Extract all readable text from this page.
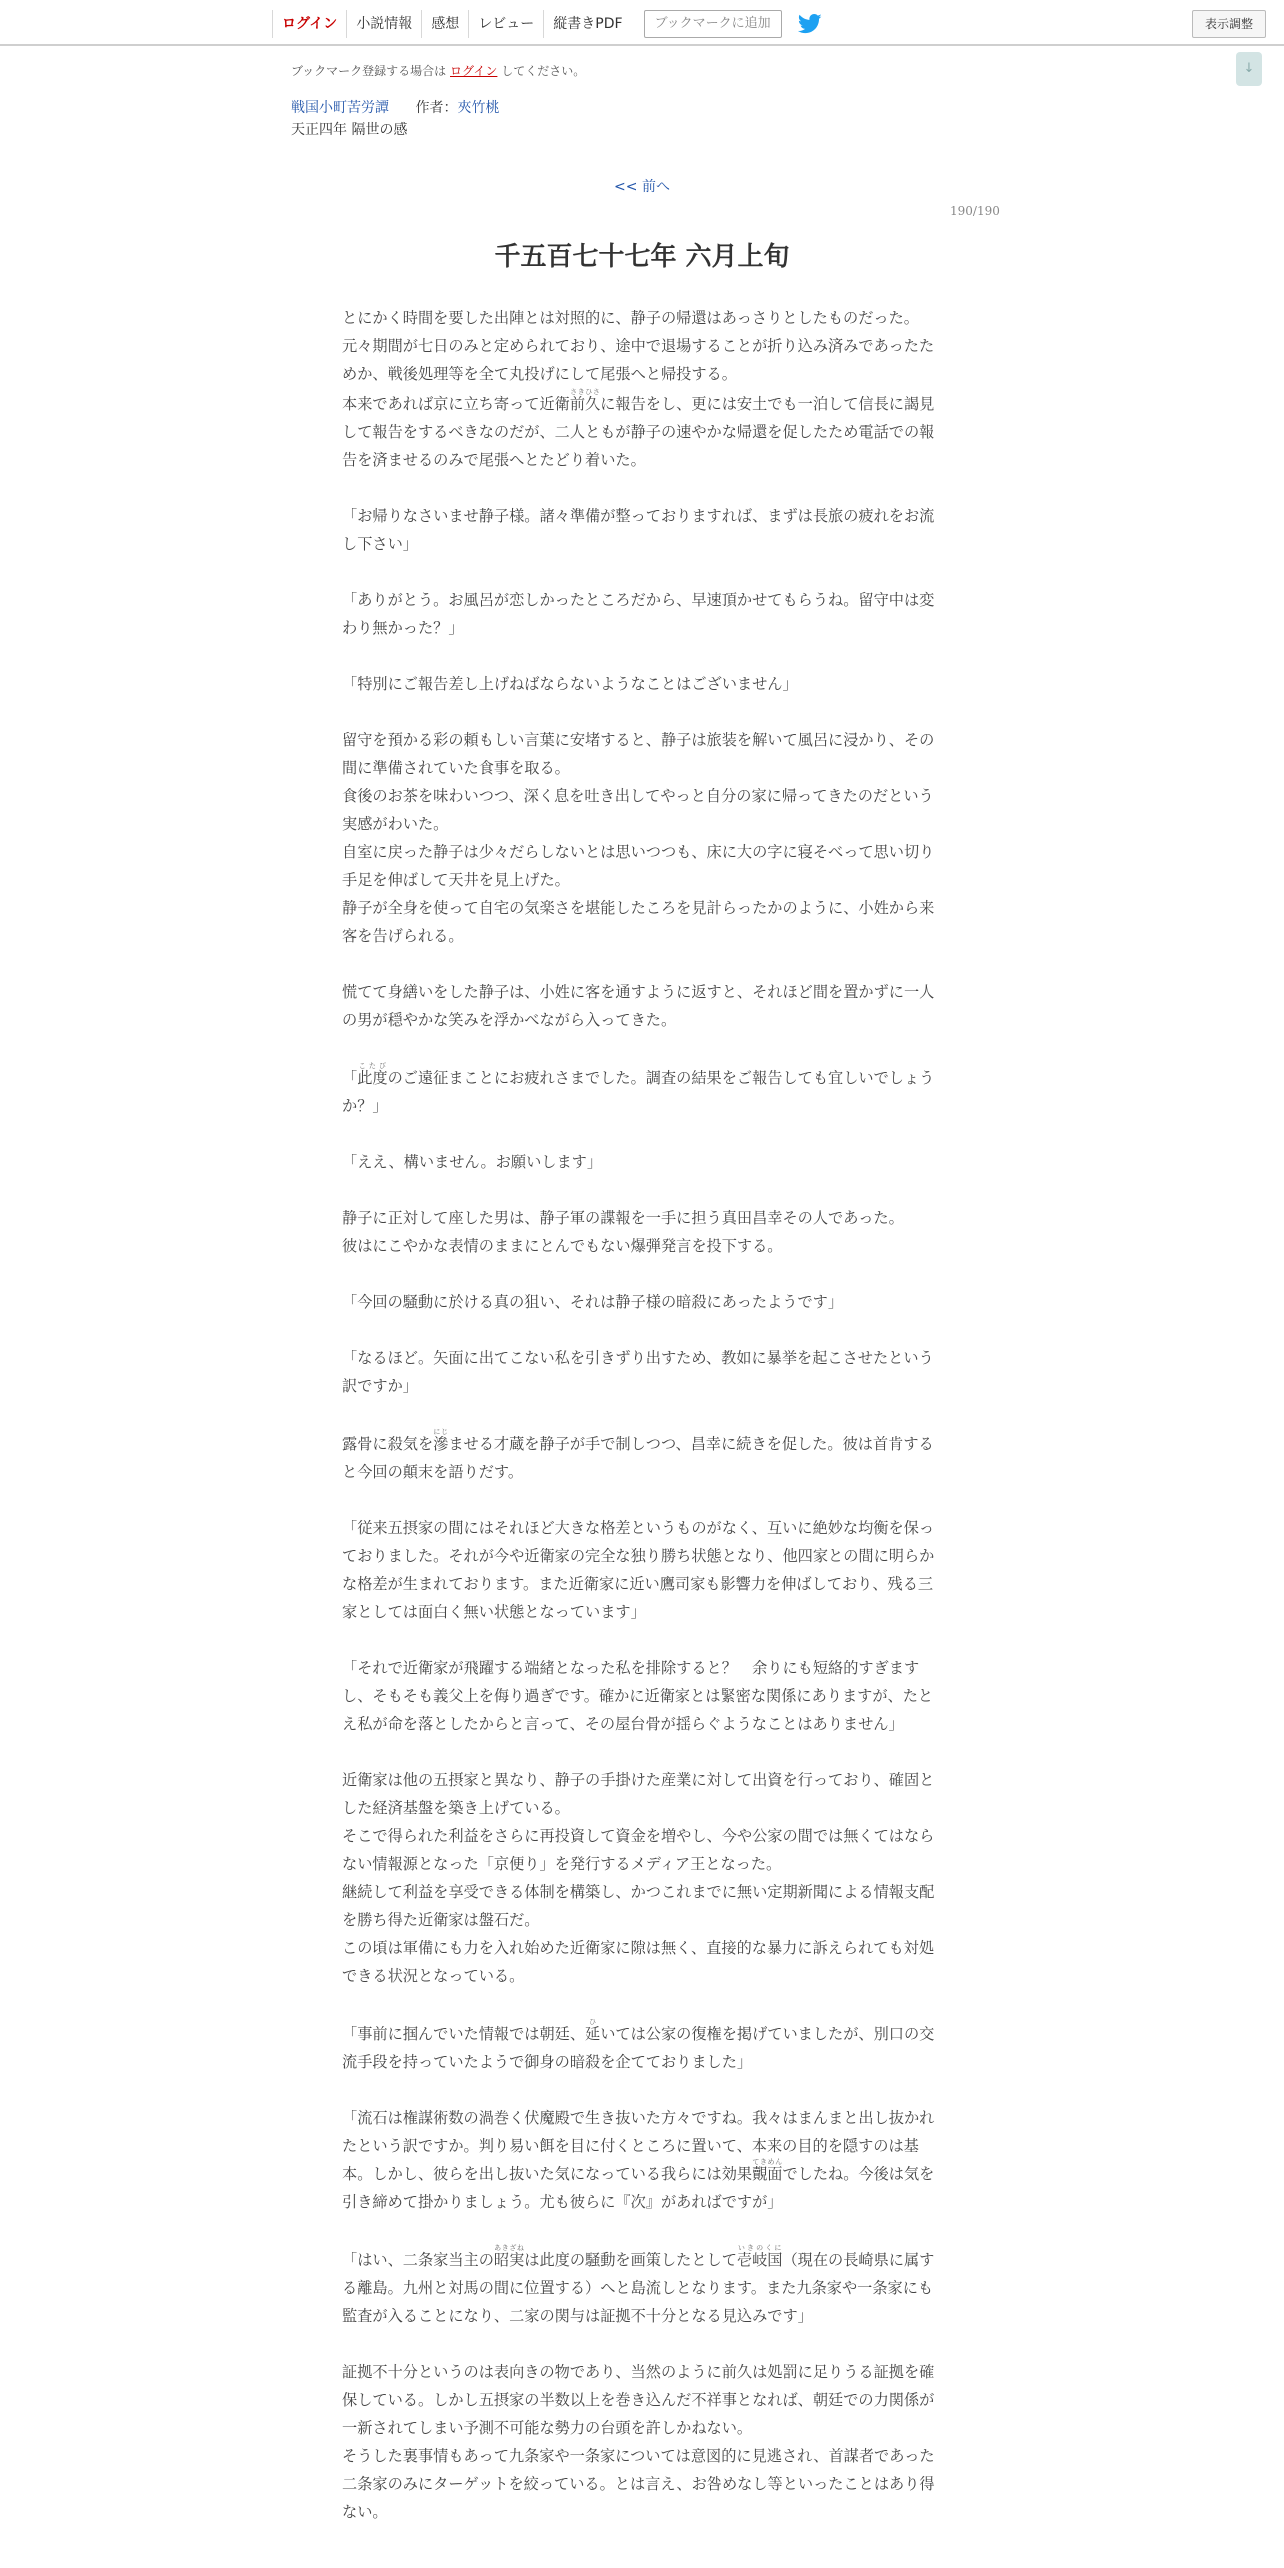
ログイン	小説情報	感想	レビュー	縦書きPDF	ブックマークに追加	表示調整
↓
ブックマーク登録する場合は ログイン してください。
戦国小町苦労譚 作者：夾竹桃
天正四年 隔世の感
<< 前へ
190/190
千五百七十七年 六月上旬

とにかく時間を要した出陣とは対照的に、静子の帰還はあっさりとしたものだった。

元々期間が七日のみと定められており、途中で退場することが折り込み済みであったためか、戦後処理等を全て丸投げにして尾張へと帰投する。

本来であれば京に立ち寄って近衛前久さきひさに報告をし、更には安土でも一泊して信長に謁見して報告をするべきなのだが、二人ともが静子の速やかな帰還を促したため電話での報告を済ませるのみで尾張へとたどり着いた。

「お帰りなさいませ静子様。諸々準備が整っておりますれば、まずは長旅の疲れをお流し下さい」

「ありがとう。お風呂が恋しかったところだから、早速頂かせてもらうね。留守中は変わり無かった？」

「特別にご報告差し上げねばならないようなことはございません」

留守を預かる彩の頼もしい言葉に安堵すると、静子は旅装を解いて風呂に浸かり、その間に準備されていた食事を取る。

食後のお茶を味わいつつ、深く息を吐き出してやっと自分の家に帰ってきたのだという実感がわいた。

自室に戻った静子は少々だらしないとは思いつつも、床に大の字に寝そべって思い切り手足を伸ばして天井を見上げた。

静子が全身を使って自宅の気楽さを堪能したころを見計らったかのように、小姓から来客を告げられる。

慌てて身繕いをした静子は、小姓に客を通すように返すと、それほど間を置かずに一人の男が穏やかな笑みを浮かべながら入ってきた。

「此度こたびのご遠征まことにお疲れさまでした。調査の結果をご報告しても宜しいでしょうか？」

「ええ、構いません。お願いします」

静子に正対して座した男は、静子軍の諜報を一手に担う真田昌幸その人であった。

彼はにこやかな表情のままにとんでもない爆弾発言を投下する。

「今回の騒動に於ける真の狙い、それは静子様の暗殺にあったようです」

「なるほど。矢面に出てこない私を引きずり出すため、教如に暴挙を起こさせたという訳ですか」

露骨に殺気を滲にじませる才蔵を静子が手で制しつつ、昌幸に続きを促した。彼は首肯すると今回の顛末を語りだす。

「従来五摂家の間にはそれほど大きな格差というものがなく、互いに絶妙な均衡を保っておりました。それが今や近衛家の完全な独り勝ち状態となり、他四家との間に明らかな格差が生まれております。また近衛家に近い鷹司家も影響力を伸ばしており、残る三家としては面白く無い状態となっています」

「それで近衛家が飛躍する端緒となった私を排除すると？　余りにも短絡的すぎますし、そもそも義父上を侮り過ぎです。確かに近衛家とは緊密な関係にありますが、たとえ私が命を落としたからと言って、その屋台骨が揺らぐようなことはありません」

近衛家は他の五摂家と異なり、静子の手掛けた産業に対して出資を行っており、確固とした経済基盤を築き上げている。

そこで得られた利益をさらに再投資して資金を増やし、今や公家の間では無くてはならない情報源となった「京便り」を発行するメディア王となった。

継続して利益を享受できる体制を構築し、かつこれまでに無い定期新聞による情報支配を勝ち得た近衛家は盤石だ。

この頃は軍備にも力を入れ始めた近衛家に隙は無く、直接的な暴力に訴えられても対処できる状況となっている。

「事前に掴んでいた情報では朝廷、延ひいては公家の復権を掲げていましたが、別口の交流手段を持っていたようで御身の暗殺を企てておりました」

「流石は権謀術数の渦巻く伏魔殿で生き抜いた方々ですね。我々はまんまと出し抜かれたという訳ですか。判り易い餌を目に付くところに置いて、本来の目的を隠すのは基本。しかし、彼らを出し抜いた気になっている我らには効果覿面てきめんでしたね。今後は気を引き締めて掛かりましょう。尤も彼らに『次』があればですが」

「はい、二条家当主の昭実あきざねは此度の騒動を画策したとして壱岐国いきのくに（現在の長崎県に属する離島。九州と対馬の間に位置する）へと島流しとなります。また九条家や一条家にも監査が入ることになり、二家の関与は証拠不十分となる見込みです」

証拠不十分というのは表向きの物であり、当然のように前久は処罰に足りうる証拠を確保している。しかし五摂家の半数以上を巻き込んだ不祥事となれば、朝廷での力関係が一新されてしまい予測不可能な勢力の台頭を許しかねない。

そうした裏事情もあって九条家や一条家については意図的に見逃され、首謀者であった二条家のみにターゲットを絞っている。とは言え、お咎めなし等といったことはあり得ない。
